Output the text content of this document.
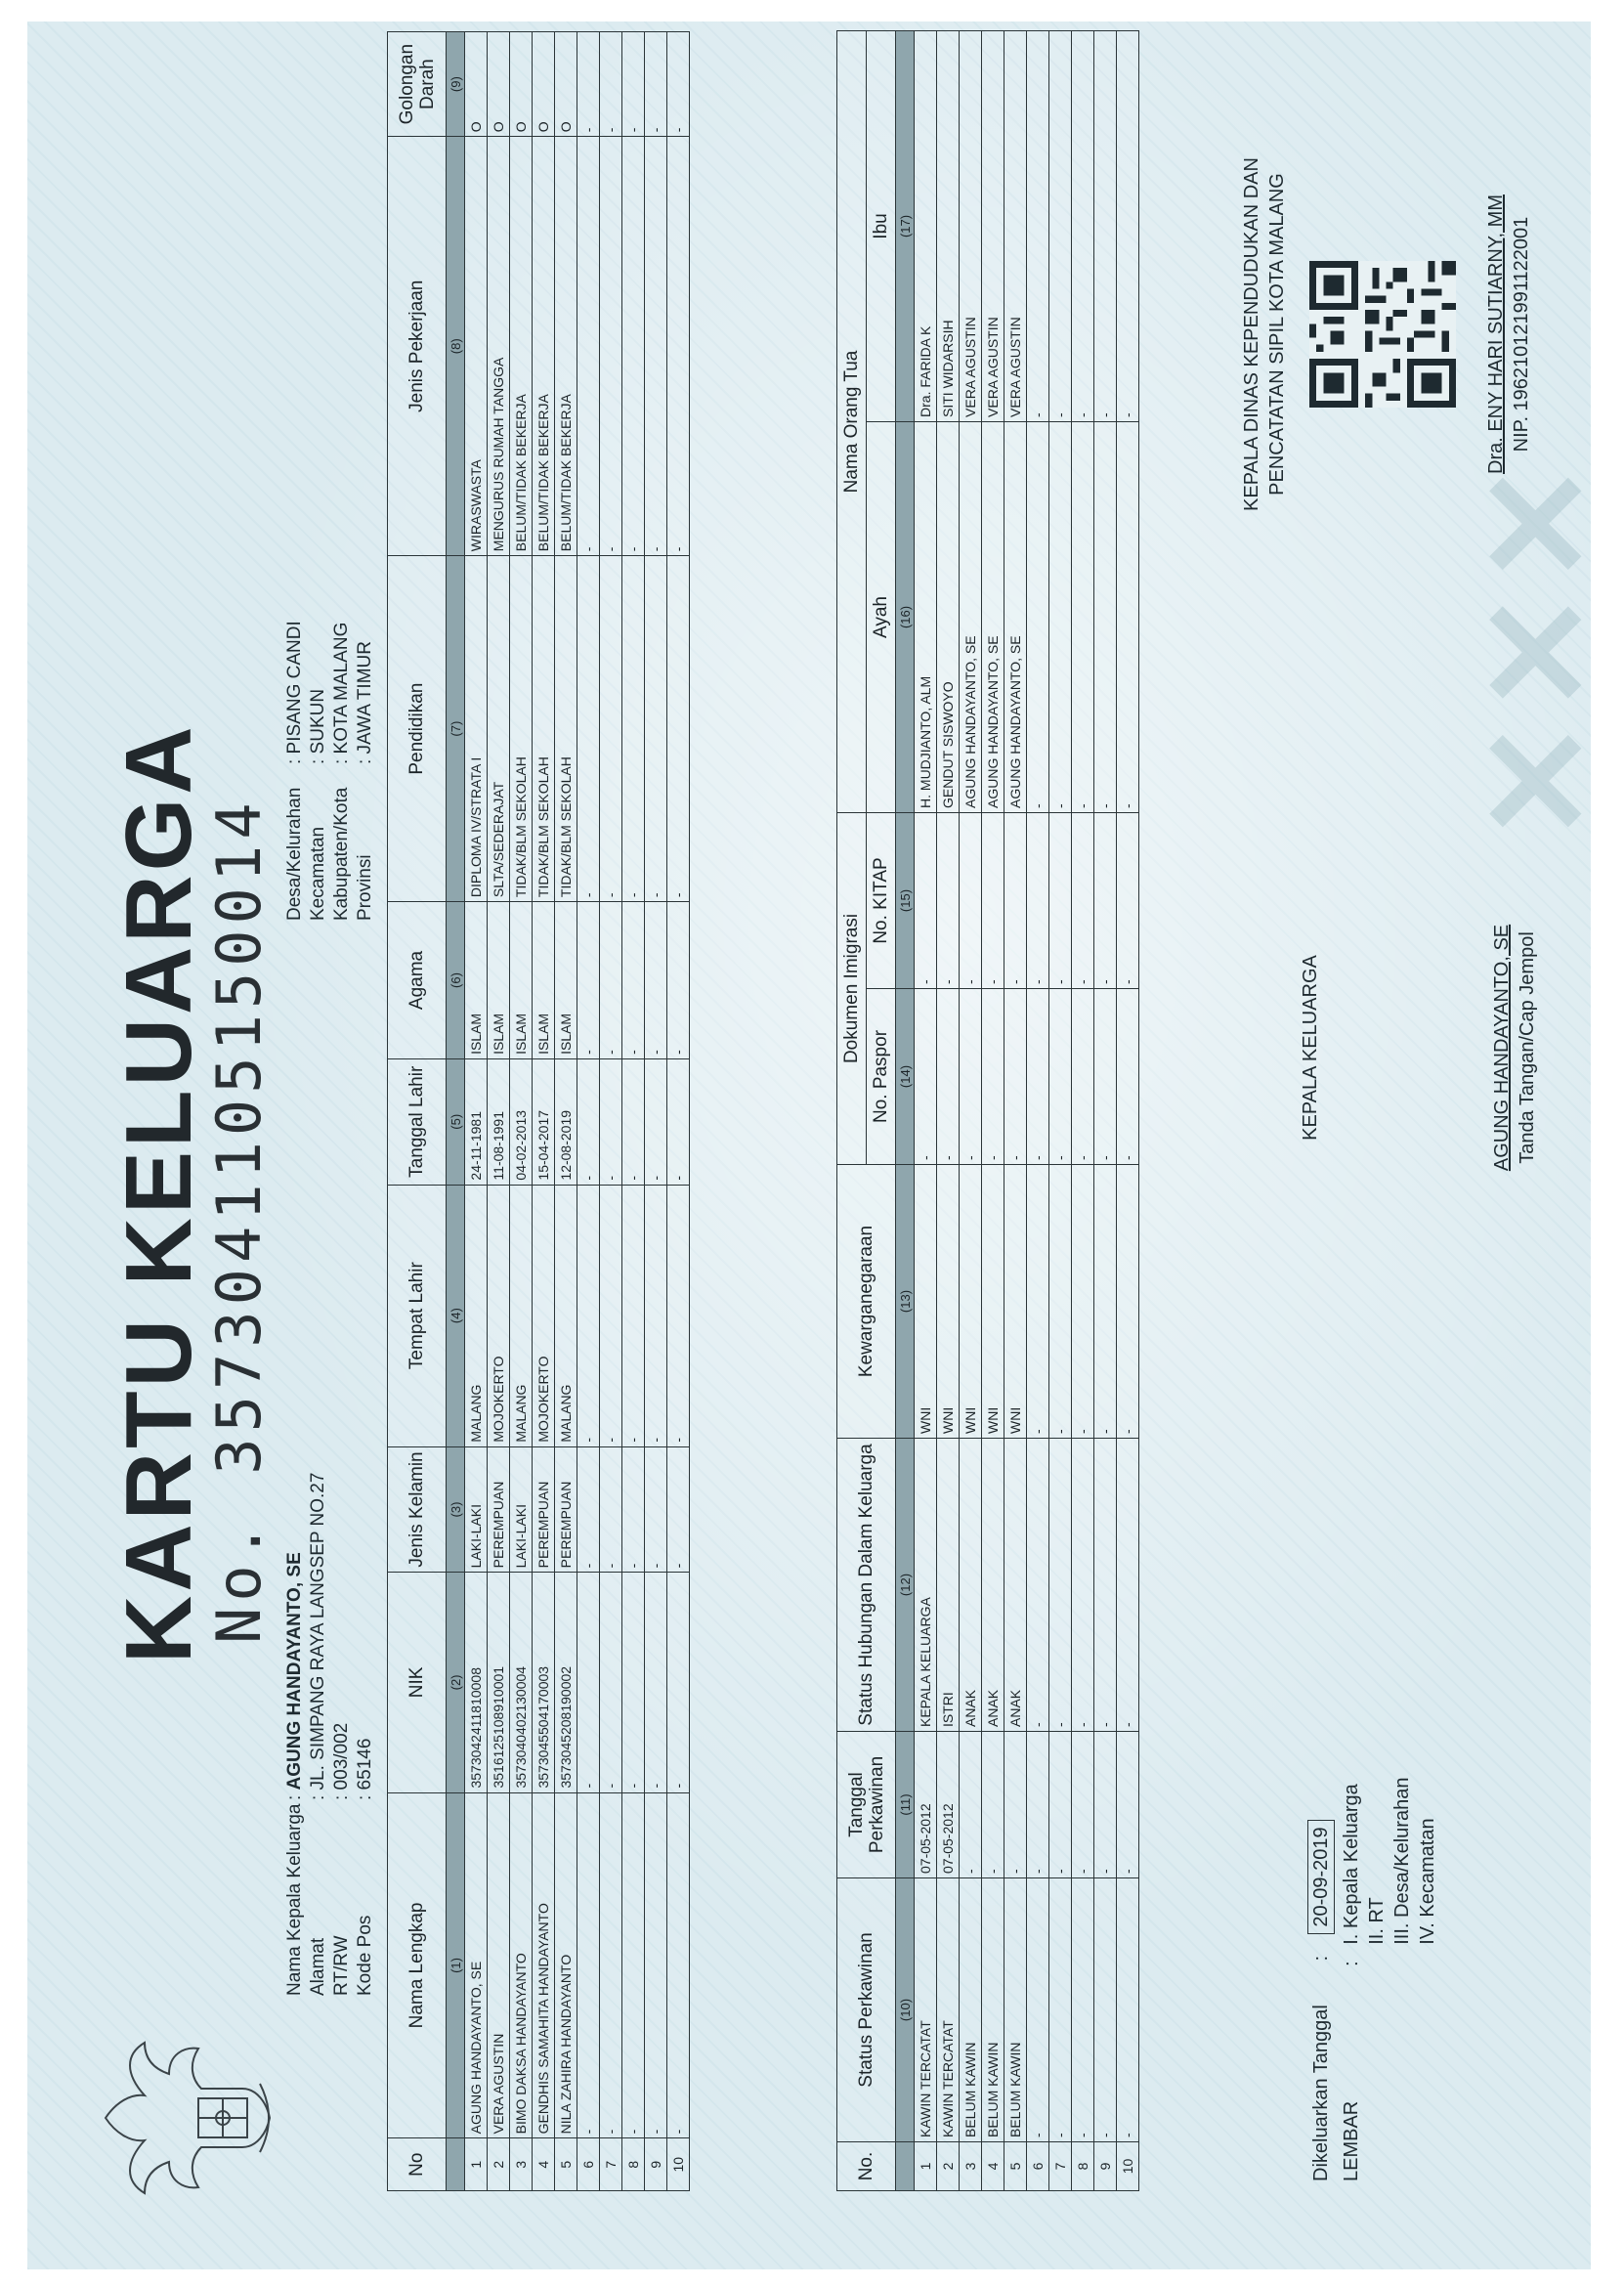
KARTU KELUARGA
No. 3573041105150014
Nama Kepala Keluarga
:
AGUNG HANDAYANTO, SE
Alamat
:
JL. SIMPANG RAYA LANGSEP NO.27
RT/RW
:
003/002
Kode Pos
:
65146
Desa/Kelurahan
:
PISANG CANDI
Kecamatan
:
SUKUN
Kabupaten/Kota
:
KOTA MALANG
Provinsi
:
JAWA TIMUR
No	Nama Lengkap	NIK	Jenis Kelamin	Tempat Lahir	Tanggal Lahir	Agama	Pendidikan	Jenis Pekerjaan	Golongan Darah
	(1)	(2)	(3)	(4)	(5)	(6)	(7)	(8)	(9)
1	AGUNG HANDAYANTO, SE	3573042411810008	LAKI-LAKI	MALANG	24-11-1981	ISLAM	DIPLOMA IV/STRATA I	WIRASWASTA	O
2	VERA AGUSTIN	3516125108910001	PEREMPUAN	MOJOKERTO	11-08-1991	ISLAM	SLTA/SEDERAJAT	MENGURUS RUMAH TANGGA	O
3	BIMO DAKSA HANDAYANTO	3573040402130004	LAKI-LAKI	MALANG	04-02-2013	ISLAM	TIDAK/BLM SEKOLAH	BELUM/TIDAK BEKERJA	O
4	GENDHIS SAMAHITA HANDAYANTO	3573045504170003	PEREMPUAN	MOJOKERTO	15-04-2017	ISLAM	TIDAK/BLM SEKOLAH	BELUM/TIDAK BEKERJA	O
5	NILA ZAHIRA HANDAYANTO	3573045208190002	PEREMPUAN	MALANG	12-08-2019	ISLAM	TIDAK/BLM SEKOLAH	BELUM/TIDAK BEKERJA	O
6	-	-	-	-	-	-	-	-	-
7	-	-	-	-	-	-	-	-	-
8	-	-	-	-	-	-	-	-	-
9	-	-	-	-	-	-	-	-	-
10	-	-	-	-	-	-	-	-	-
No.	Status Perkawinan	Tanggal Perkawinan	Status Hubungan Dalam Keluarga	Kewarganegaraan	Dokumen Imigrasi		Nama Orang Tua	
					No. Paspor	No. KITAP	Ayah	Ibu
	(10)	(11)	(12)	(13)	(14)	(15)	(16)	(17)
1	KAWIN TERCATAT	07-05-2012	KEPALA KELUARGA	WNI	-	-	H. MUDJIANTO, ALM	Dra. FARIDA K
2	KAWIN TERCATAT	07-05-2012	ISTRI	WNI	-	-	GENDUT SISWOYO	SITI WIDARSIH
3	BELUM KAWIN	-	ANAK	WNI	-	-	AGUNG HANDAYANTO, SE	VERA AGUSTIN
4	BELUM KAWIN	-	ANAK	WNI	-	-	AGUNG HANDAYANTO, SE	VERA AGUSTIN
5	BELUM KAWIN	-	ANAK	WNI	-	-	AGUNG HANDAYANTO, SE	VERA AGUSTIN
6	-	-	-	-	-	-	-	-
7	-	-	-	-	-	-	-	-
8	-	-	-	-	-	-	-	-
9	-	-	-	-	-	-	-	-
10	-	-	-	-	-	-	-	-
Dikeluarkan Tanggal :    20-09-2019
LEMBAR
:
I. Kepala Keluarga II. RT III. Desa/Kelurahan IV. Kecamatan
✕✕✕
KEPALA KELUARGA	AGUNG HANDAYANTO, SE Tanda Tangan/Cap Jempol
KEPALA DINAS KEPENDUDUKAN DAN PENCATATAN SIPIL KOTA MALANG	Dra. ENY HARI SUTIARNY, MM NIP. 196210121991122001
